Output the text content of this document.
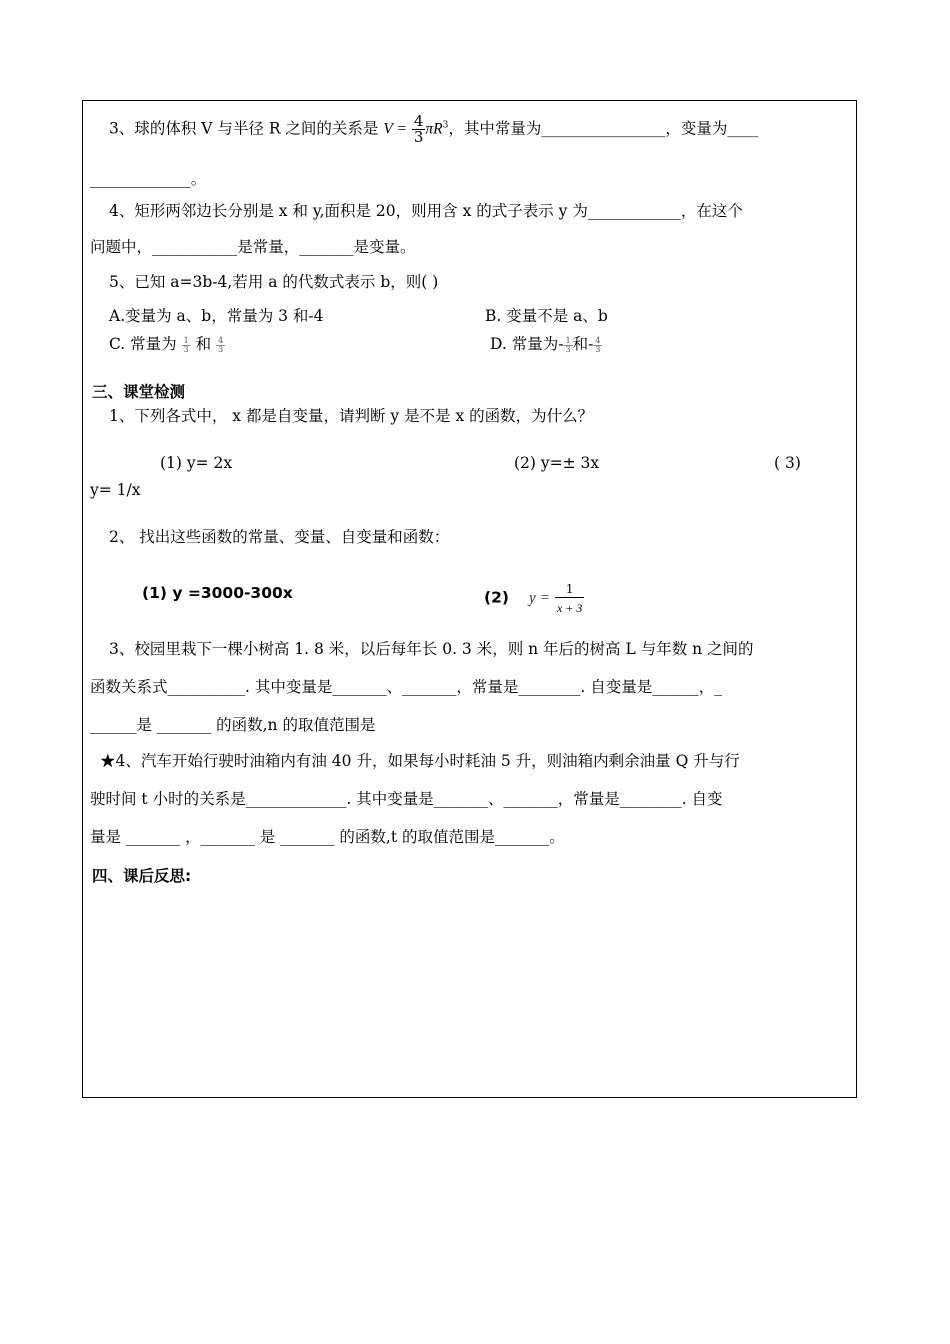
3、球的体积 V 与半径 R 之间的关系是 $V = \frac{4}{3} \pi R^3$，其中常量为________________，变量为____
_____________。
4、矩形两邻边长分别是 x 和 y,面积是 20，则用含 x 的式子表示 y 为____________，在这个
问题中，___________是常量，_______是变量。
5、已知 a=3b-4,若用 a 的代数式表示 b，则( )
A.变量为 a、b，常量为 3 和-4	B. 变量不是 a、b
C. 常量为 $\frac{1}{3}$ 和 $\frac{4}{3}$	D. 常量为- $\frac{1}{3}$ 和- $\frac{4}{3}$
三、课堂检测
1、下列各式中， x 都是自变量，请判断 y 是不是 x 的函数，为什么？
(1) y= 2x	(2) y=± 3x	( 3)
y= 1/x
2、 找出这些函数的常量、变量、自变量和函数：
(1) y =3000-300x	(2) $y = \frac{1}{x + 3}$
3、校园里栽下一棵小树高 1. 8 米，以后每年长 0. 3 米，则 n 年后的树高 L 与年数 n 之间的
函数关系式__________. 其中变量是_______、_______，常量是________. 自变量是______，_
______是 _______ 的函数,n 的取值范围是
★4、汽车开始行驶时油箱内有油 40 升，如果每小时耗油 5 升，则油箱内剩余油量 Q 升与行
驶时间 t 小时的关系是_____________. 其中变量是_______、_______，常量是________. 自变
量是 _______ ，_______ 是 _______ 的函数,t 的取值范围是_______。
四、课后反思:
